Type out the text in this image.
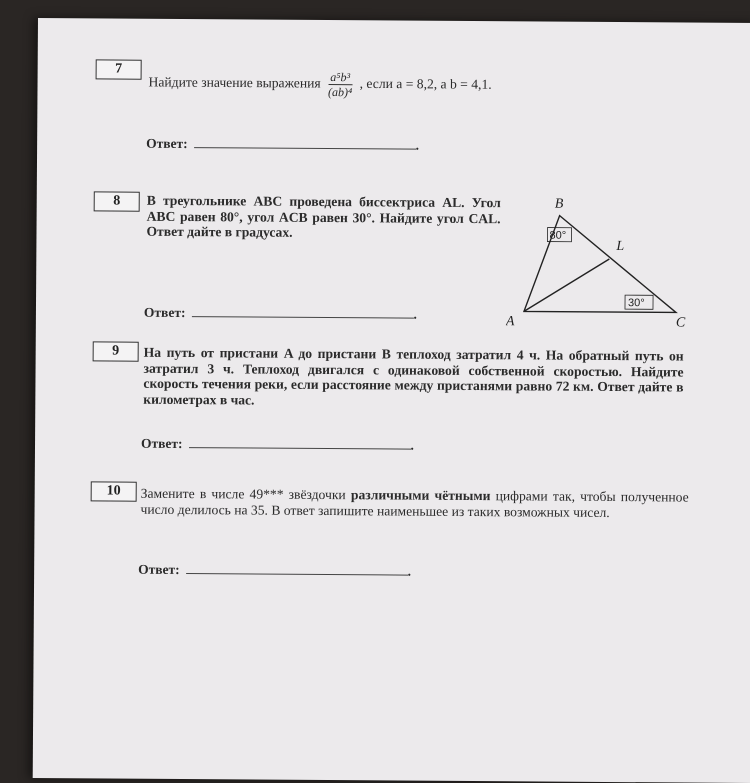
7
Найдите значение выражения $\frac{\text{a⁵b³}}{\text{(ab)⁴}}$ , если a = 8,2, а b = 4,1.
Ответ:	.
8 В треугольнике ABC проведена биссектриса AL. Угол ABC равен 80°, угол ACB равен 30°. Найдите угол CAL. Ответ дайте в градусах.
Ответ:	.
B
L
A	C
80°
30°
9 На путь от пристани A до пристани B теплоход затратил 4 ч. На обратный путь он затратил 3 ч. Теплоход двигался с одинаковой собственной скоростью. Найдите скорость течения реки, если расстояние между пристанями равно 72 км. Ответ дайте в километрах в час.
Ответ:	.
10 Замените в числе 49*** звёздочки различными чётными цифрами так, чтобы полученное число делилось на 35. В ответ запишите наименьшее из таких возможных чисел.
Ответ:	.
